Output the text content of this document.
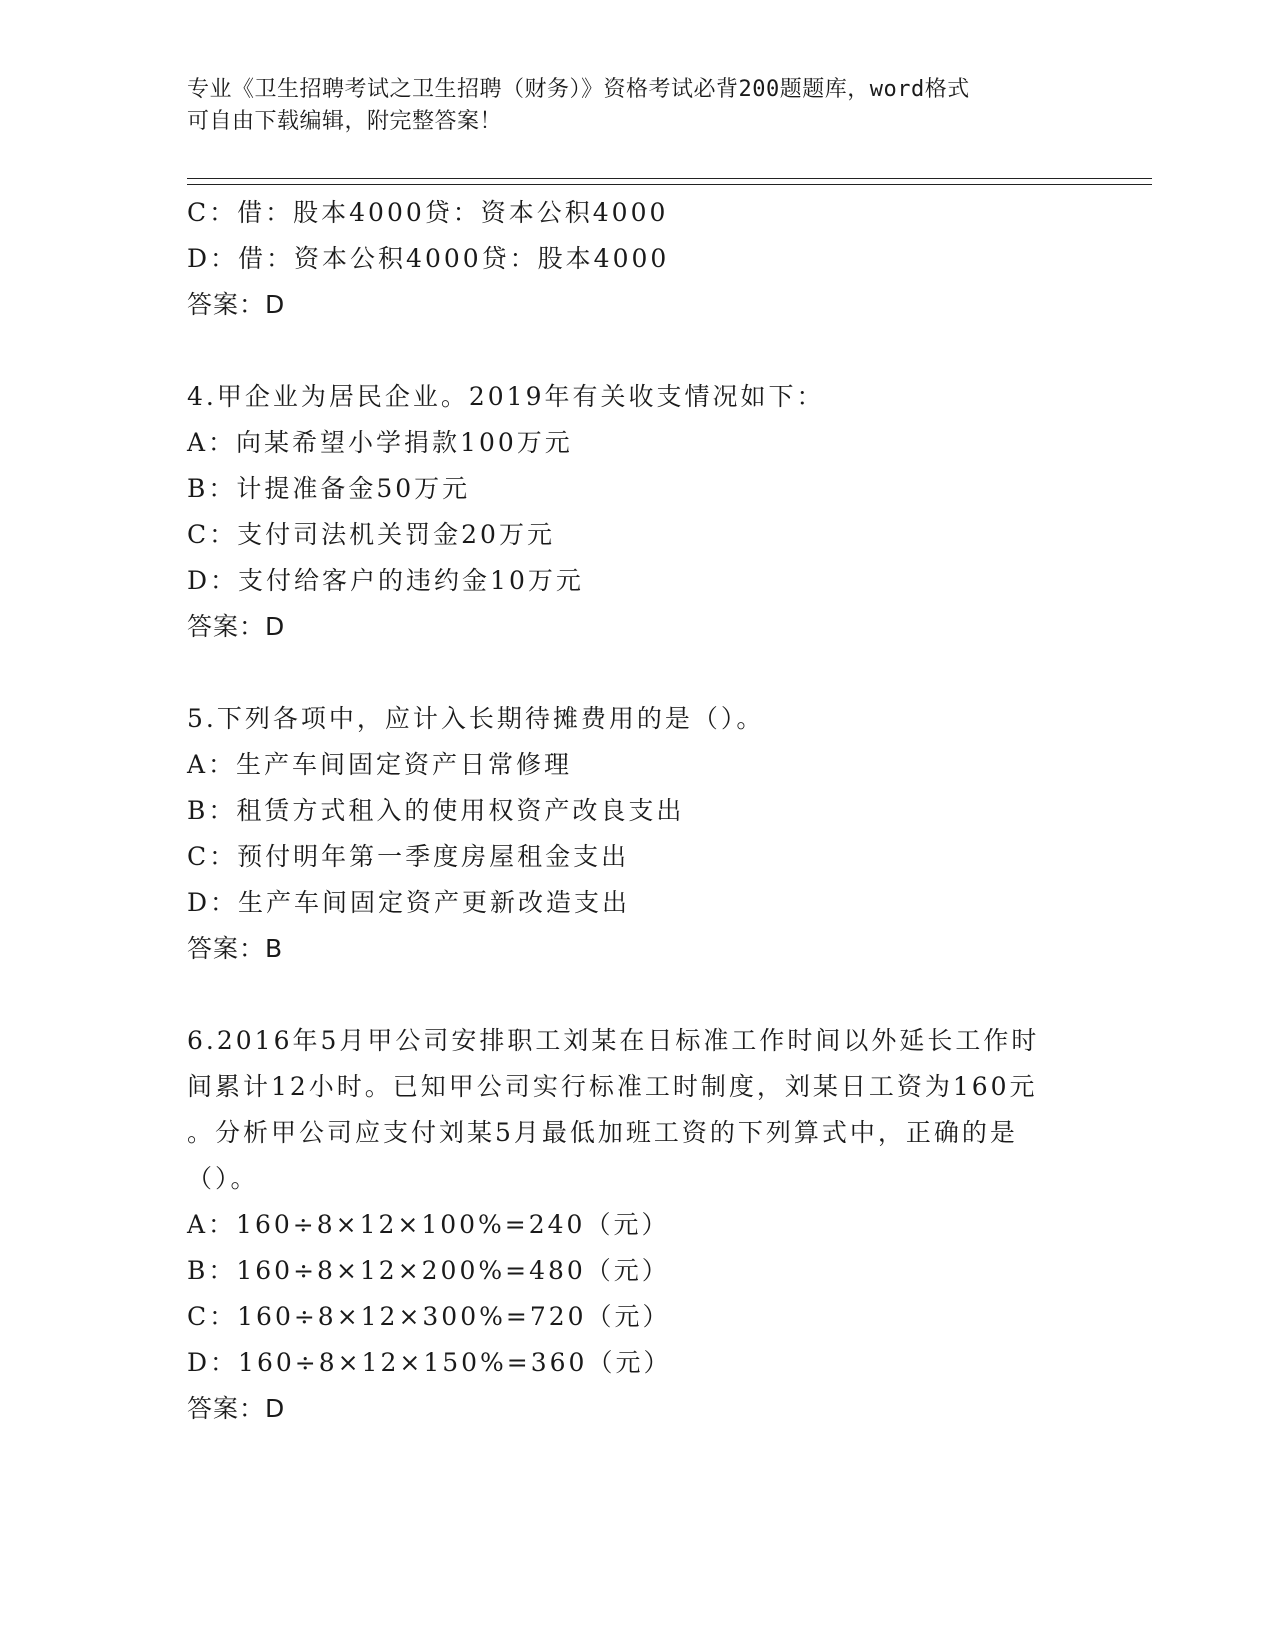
专业《卫生招聘考试之卫生招聘（财务）》资格考试必背200题题库，word格式
可自由下载编辑，附完整答案！
C：借：股本4000贷：资本公积4000
D：借：资本公积4000贷：股本4000
答案：D
4.甲企业为居民企业。2019年有关收支情况如下：
A：向某希望小学捐款100万元
B：计提准备金50万元
C：支付司法机关罚金20万元
D：支付给客户的违约金10万元
答案：D
5.下列各项中，应计入长期待摊费用的是（）。
A：生产车间固定资产日常修理
B：租赁方式租入的使用权资产改良支出
C：预付明年第一季度房屋租金支出
D：生产车间固定资产更新改造支出
答案：B
6.2016年5月甲公司安排职工刘某在日标准工作时间以外延长工作时
间累计12小时。已知甲公司实行标准工时制度，刘某日工资为160元
。分析甲公司应支付刘某5月最低加班工资的下列算式中，正确的是
（）。
A：160÷8×12×100%=240（元）
B：160÷8×12×200%=480（元）
C：160÷8×12×300%=720（元）
D：160÷8×12×150%=360（元）
答案：D
